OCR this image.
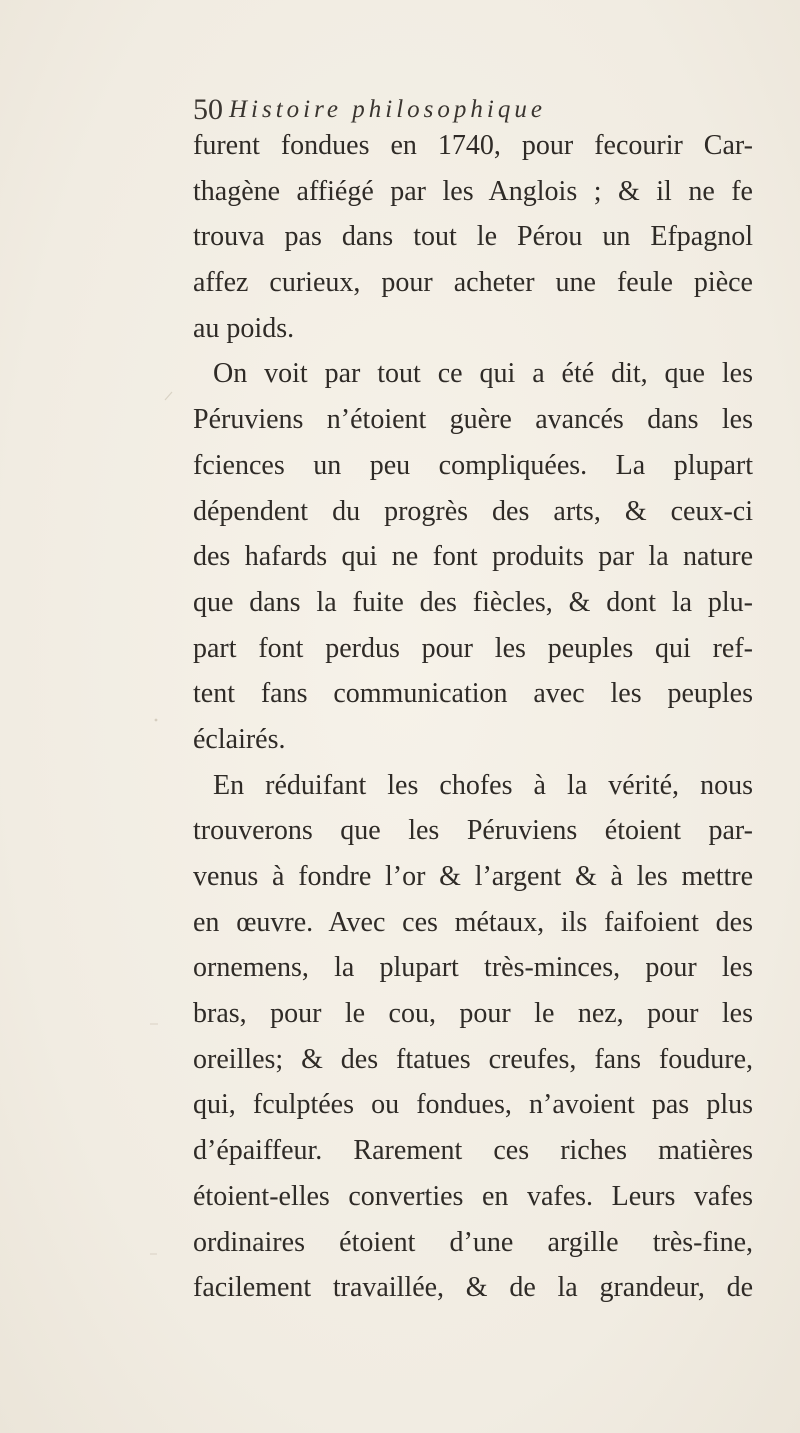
50 Histoire philosophique
furent fondues en 1740, pour fecourir Car-
thagène affiégé par les Anglois ; & il ne fe
trouva pas dans tout le Pérou un Efpagnol
affez curieux, pour acheter une feule pièce
au poids.
On voit par tout ce qui a été dit, que les
Péruviens n’étoient guère avancés dans les
fciences un peu compliquées. La plupart
dépendent du progrès des arts, & ceux-ci
des hafards qui ne font produits par la nature
que dans la fuite des fiècles, & dont la plu-
part font perdus pour les peuples qui ref-
tent fans communication avec les peuples
éclairés.
En réduifant les chofes à la vérité, nous
trouverons que les Péruviens étoient par-
venus à fondre l’or & l’argent & à les mettre
en œuvre. Avec ces métaux, ils faifoient des
ornemens, la plupart très-minces, pour les
bras, pour le cou, pour le nez, pour les
oreilles; & des ftatues creufes, fans foudure,
qui, fculptées ou fondues, n’avoient pas plus
d’épaiffeur. Rarement ces riches matières
étoient-elles converties en vafes. Leurs vafes
ordinaires étoient d’une argille très-fine,
facilement travaillée, & de la grandeur, de
